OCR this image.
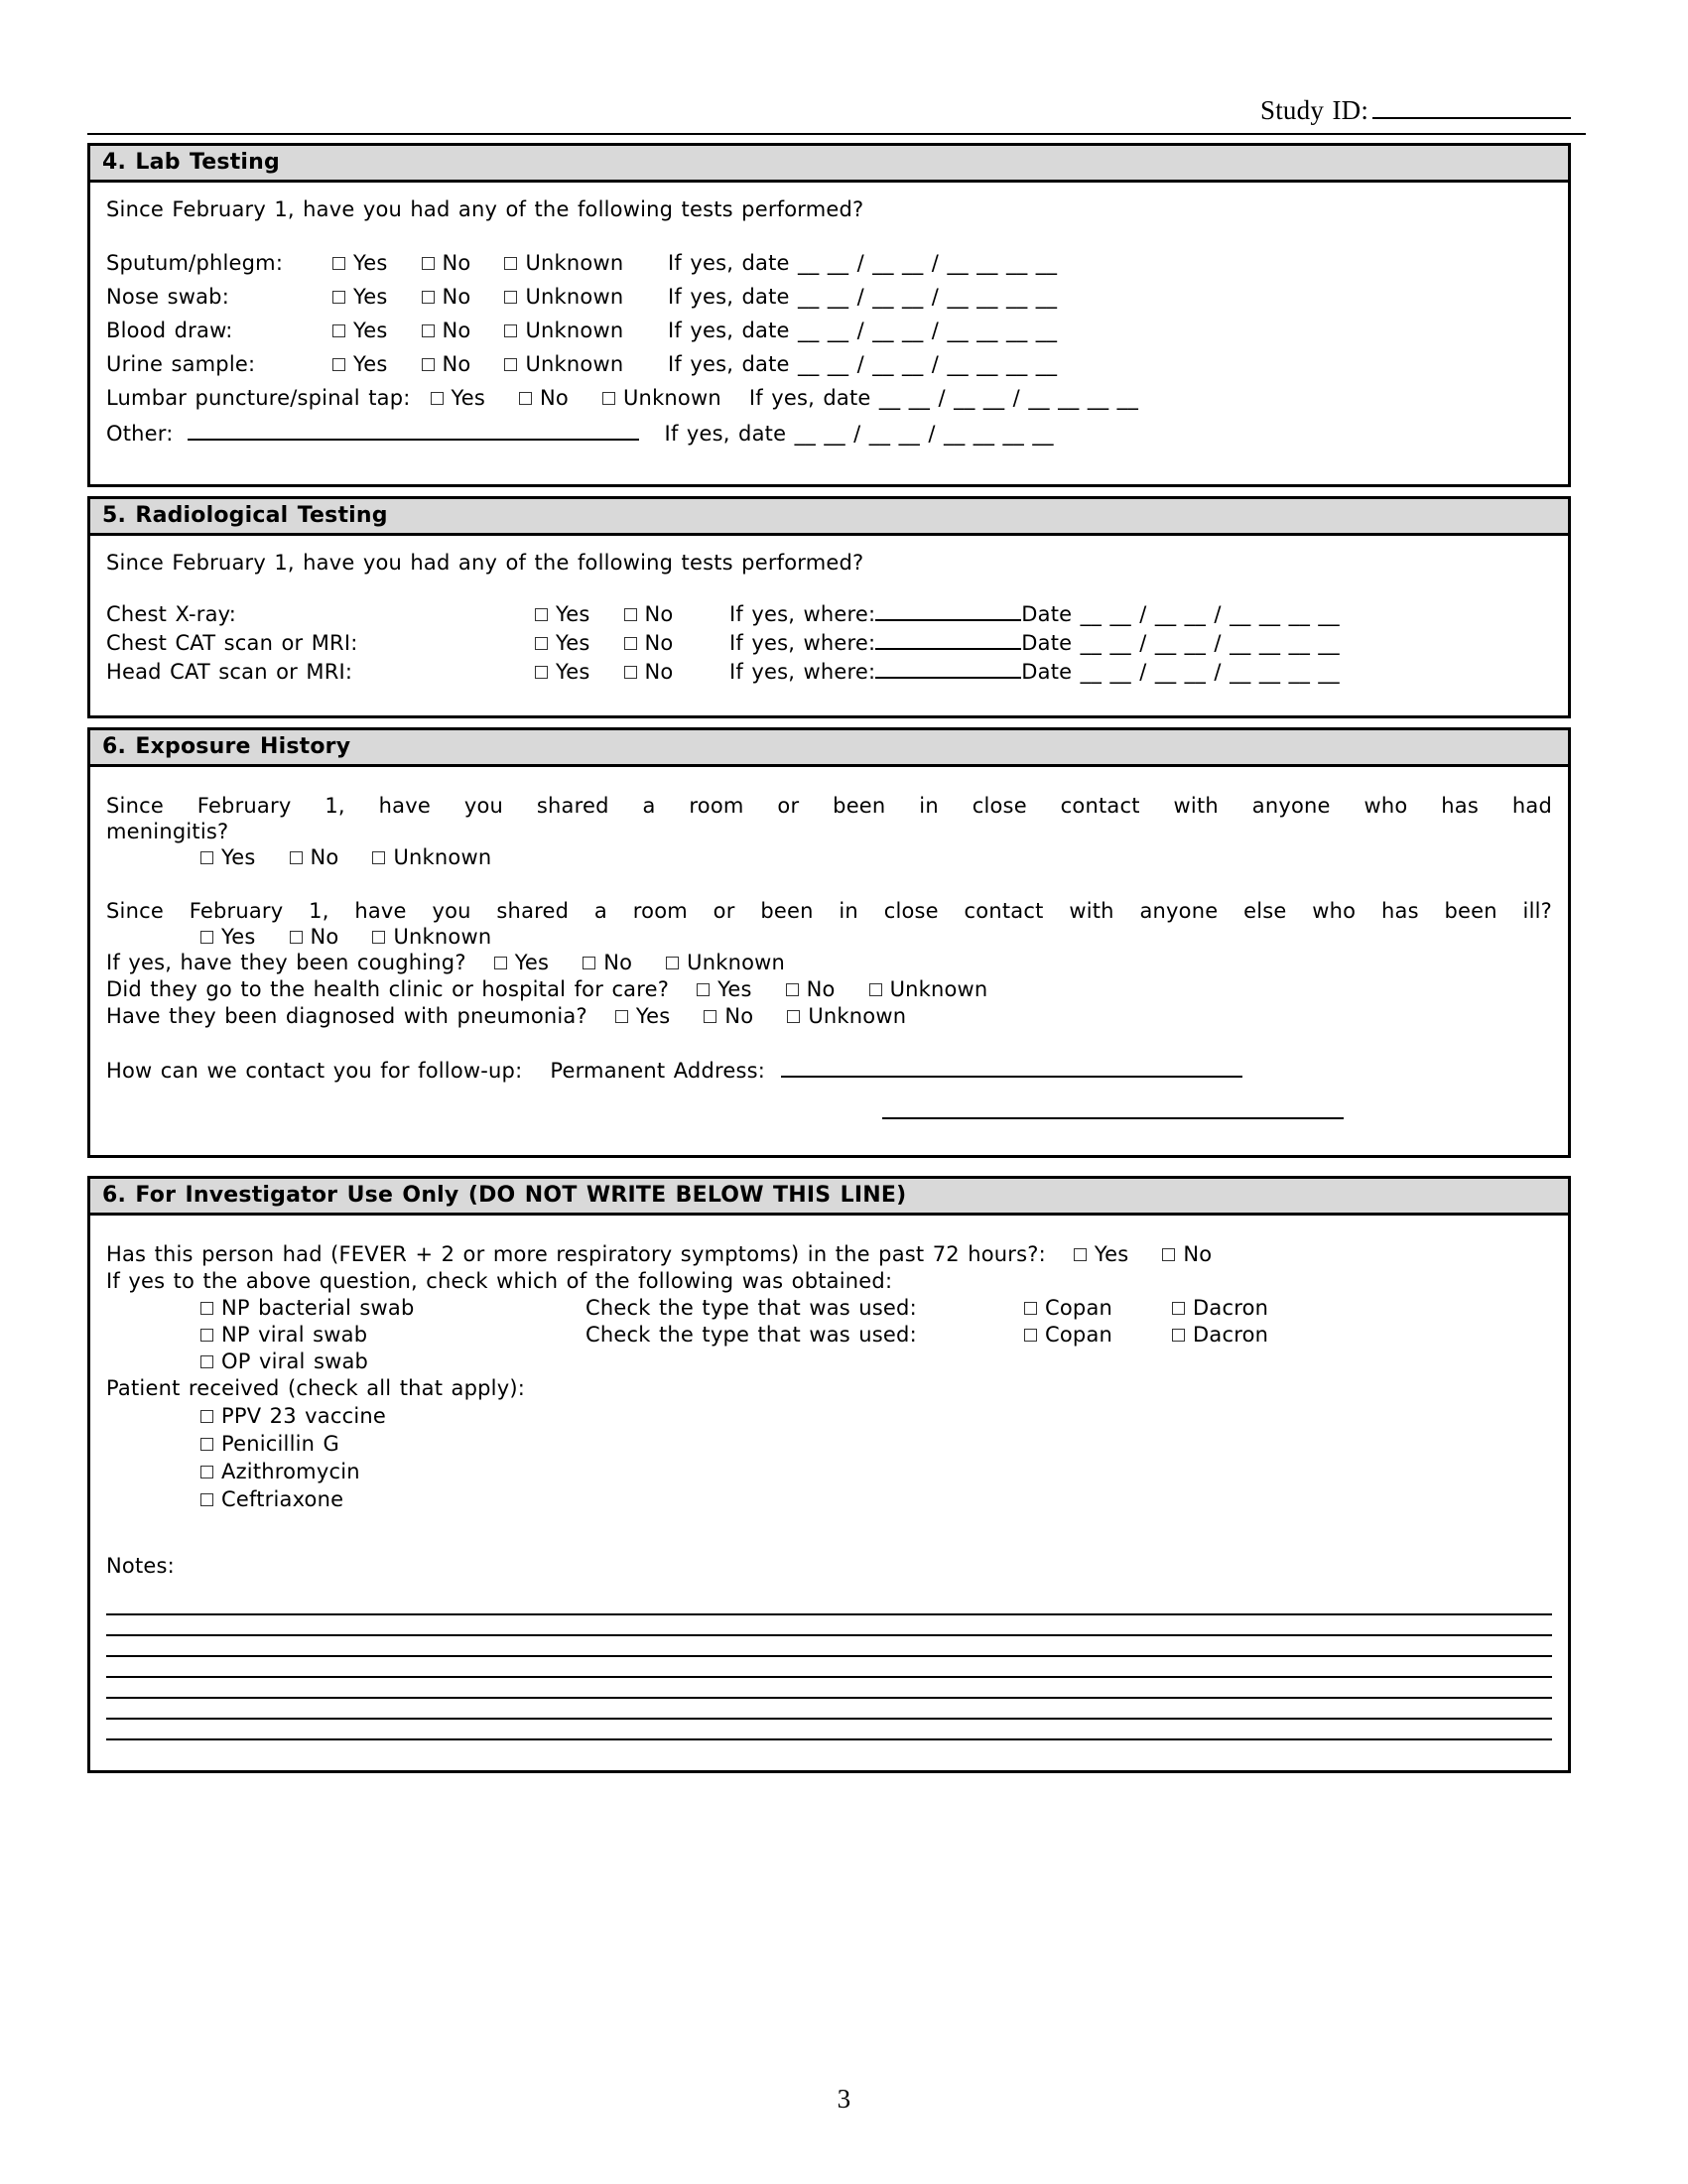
Study ID:
4. Lab Testing

Since February 1, have you had any of the following tests performed?

Sputum/phlegm:	Yes	No	Unknown If yes, date __ __ / __ __ / __ __ __ __
Nose swab:	Yes	No	Unknown If yes, date __ __ / __ __ / __ __ __ __
Blood draw:	Yes	No	Unknown If yes, date __ __ / __ __ / __ __ __ __
Urine sample:	Yes	No	Unknown If yes, date __ __ / __ __ / __ __ __ __
Lumbar puncture/spinal tap: Yes	No	Unknown If yes, date __ __ / __ __ / __ __ __ __
Other:	If yes, date __ __ / __ __ / __ __ __ __
5. Radiological Testing

Since February 1, have you had any of the following tests performed?

Chest X-ray:	Yes	No	If yes, where:	Date __ __ / __ __ / __ __ __ __
Chest CAT scan or MRI:	Yes	No	If yes, where:	Date __ __ / __ __ / __ __ __ __
Head CAT scan or MRI:	Yes	No	If yes, where:	Date __ __ / __ __ / __ __ __ __
6. Exposure History

Since February 1, have you shared a room or been in close contact with anyone who has had

meningitis?

Yes	No	Unknown

Since February 1, have you shared a room or been in close contact with anyone else who has been ill?

Yes	No	Unknown
If yes, have they been coughing? Yes	No	Unknown
Did they go to the health clinic or hospital for care? Yes	No	Unknown
Have they been diagnosed with pneumonia? Yes	No	Unknown
How can we contact you for follow-up: Permanent Address:
6. For Investigator Use Only (DO NOT WRITE BELOW THIS LINE)
Has this person had (FEVER + 2 or more respiratory symptoms) in the past 72 hours?: Yes	No

If yes to the above question, check which of the following was obtained:

NP bacterial swab	Check the type that was used:	Copan	Dacron
NP viral swab	Check the type that was used:	Copan	Dacron
OP viral swab

Patient received (check all that apply):

PPV 23 vaccine
Penicillin G
Azithromycin
Ceftriaxone

Notes:

3
